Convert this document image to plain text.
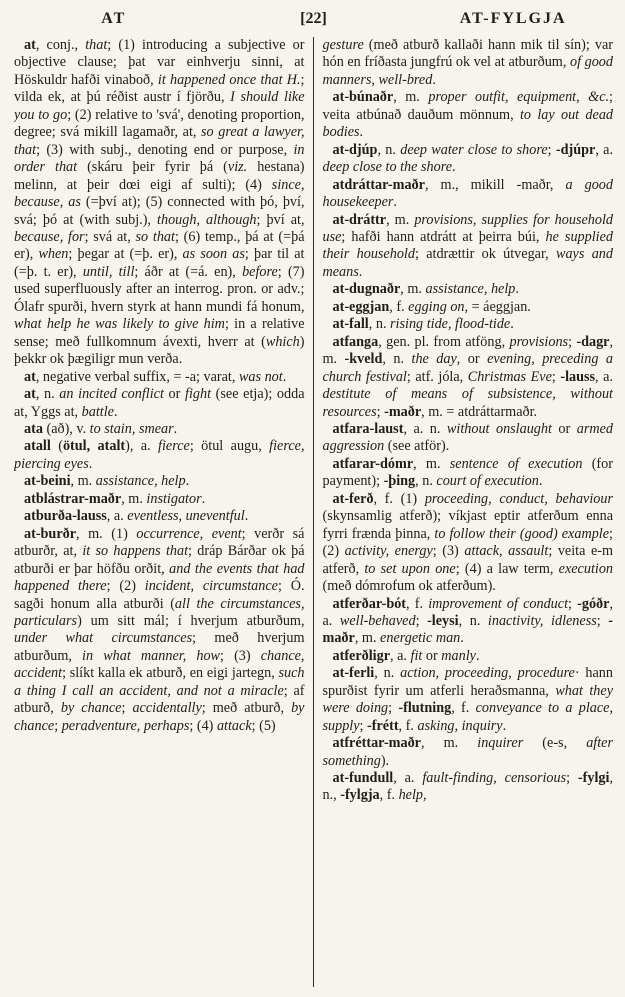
AT	[22]	AT-FYLGJA

at, conj., that; (1) introducing a subjective or objective clause; þat var einhverju sinni, at Höskuldr hafði vinaboð, it happened once that H.; vilda ek, at þú réðist austr í fjörðu, I should like you to go; (2) relative to 'svá', denoting proportion, degree; svá mikill lagamaðr, at, so great a lawyer, that; (3) with subj., denoting end or purpose, in order that (skáru þeir fyrir þá (viz. hestana) melinn, at þeir dœi eigi af sulti); (4) since, because, as (=því at); (5) connected with þó, því, svá; þó at (with subj.), though, although; því at, because, for; svá at, so that; (6) temp., þá at (=þá er), when; þegar at (=þ. er), as soon as; þar til at (=þ. t. er), until, till; áðr at (=á. en), before; (7) used superfluously after an interrog. pron. or adv.; Ólafr spurði, hvern styrk at hann mundi fá honum, what help he was likely to give him; in a relative sense; með fullkomnum ávexti, hverr at (which) þekkr ok þægiligr mun verða.

at, negative verbal suffix, = -a; varat, was not.

at, n. an incited conflict or fight (see etja); odda at, Yggs at, battle.

ata (að), v. to stain, smear.

atall (ötul, atalt), a. fierce; ötul augu, fierce, piercing eyes.

at-beini, m. assistance, help.

atblástrar-maðr, m. instigator.

atburða-lauss, a. eventless, uneventful.

at-burðr, m. (1) occurrence, event; verðr sá atburðr, at, it so happens that; dráp Bárðar ok þá atburði er þar höfðu orðit, and the events that had happened there; (2) incident, circumstance; Ó. sagði honum alla atburði (all the circumstances, particulars) um sitt mál; í hverjum atburðum, under what circumstances; með hverjum atburðum, in what manner, how; (3) chance, accident; slíkt kalla ek atburð, en eigi jartegn, such a thing I call an accident, and not a miracle; af atburð, by chance; accidentally; með atburð, by chance; peradventure, perhaps; (4) attack; (5)

gesture (með atburð kallaði hann mik til sín); var hón en fríðasta jungfrú ok vel at atburðum, of good manners, well-bred.

at-búnaðr, m. proper outfit, equipment, &c.; veita atbúnað dauðum mönnum, to lay out dead bodies.

at-djúp, n. deep water close to shore; -djúpr, a. deep close to the shore.

atdráttar-maðr, m., mikill -maðr, a good housekeeper.

at-dráttr, m. provisions, supplies for household use; hafði hann atdrátt at þeirra búi, he supplied their household; atdrættir ok útvegar, ways and means.

at-dugnaðr, m. assistance, help.

at-eggjan, f. egging on, = áeggjan.

at-fall, n. rising tide, flood-tide.

atfanga, gen. pl. from atföng, provisions; -dagr, m. -kveld, n. the day, or evening, preceding a church festival; atf. jóla, Christmas Eve; -lauss, a. destitute of means of subsistence, without resources; -maðr, m. = atdráttarmaðr.

atfara-laust, a. n. without onslaught or armed aggression (see atför).

atfarar-dómr, m. sentence of execution (for payment); -þing, n. court of execution.

at-ferð, f. (1) proceeding, conduct, behaviour (skynsamlig atferð); víkjast eptir atferðum enna fyrri frænda þinna, to follow their (good) example; (2) activity, energy; (3) attack, assault; veita e-m atferð, to set upon one; (4) a law term, execution (með dómrofum ok atferðum).

atferðar-bót, f. improvement of conduct; -góðr, a. well-behaved; -leysi, n. inactivity, idleness; -maðr, m. energetic man.

atferðligr, a. fit or manly.

at-ferli, n. action, proceeding, procedure· hann spurðist fyrir um atferli heraðsmanna, what they were doing; -flutning, f. conveyance to a place, supply; -frétt, f. asking, inquiry.

atfréttar-maðr, m. inquirer (e-s, after something).

at-fundull, a. fault-finding, censorious; -fylgi, n., -fylgja, f. help,
